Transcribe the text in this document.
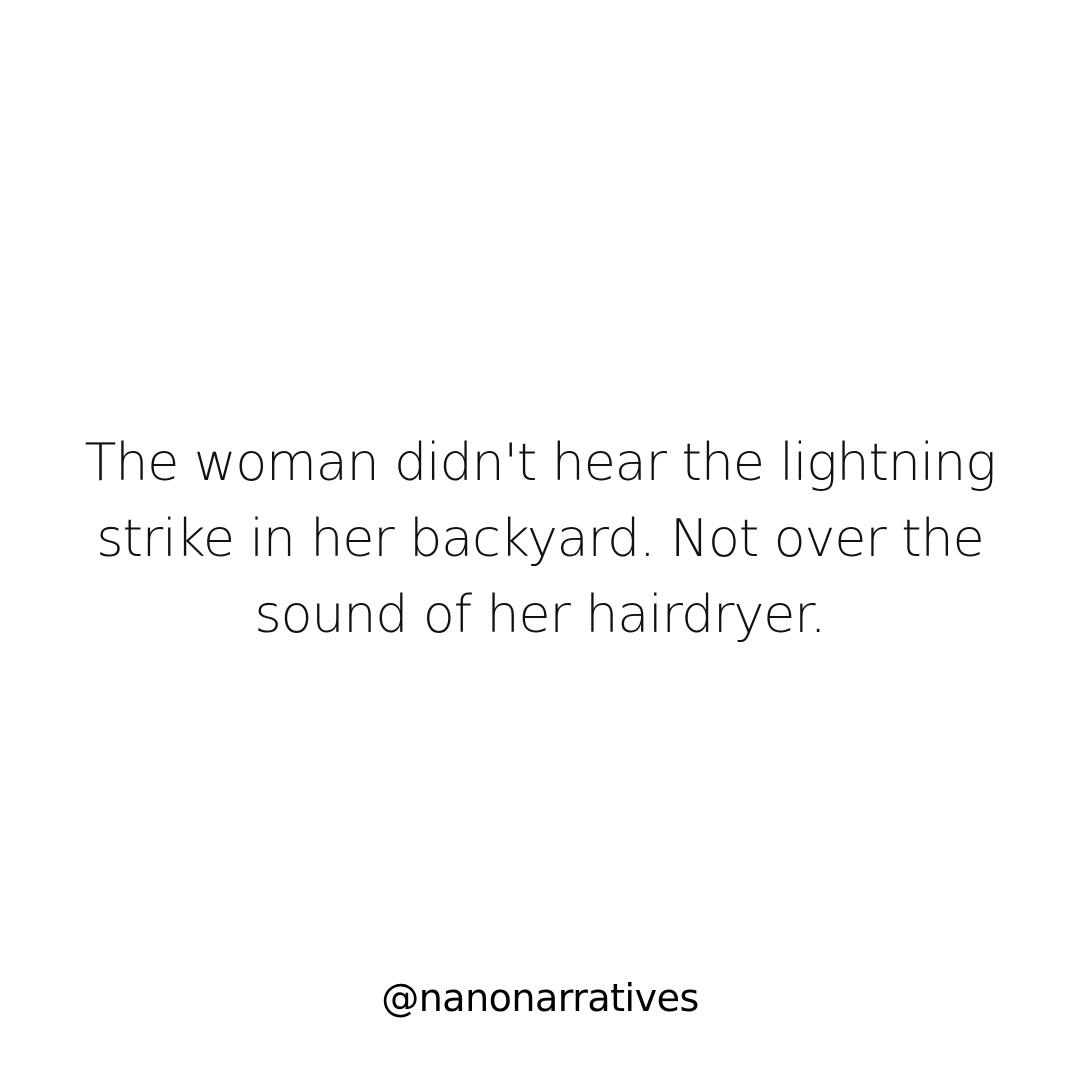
The woman didn't hear the lightning
strike in her backyard. Not over the
sound of her hairdryer.
@nanonarratives
